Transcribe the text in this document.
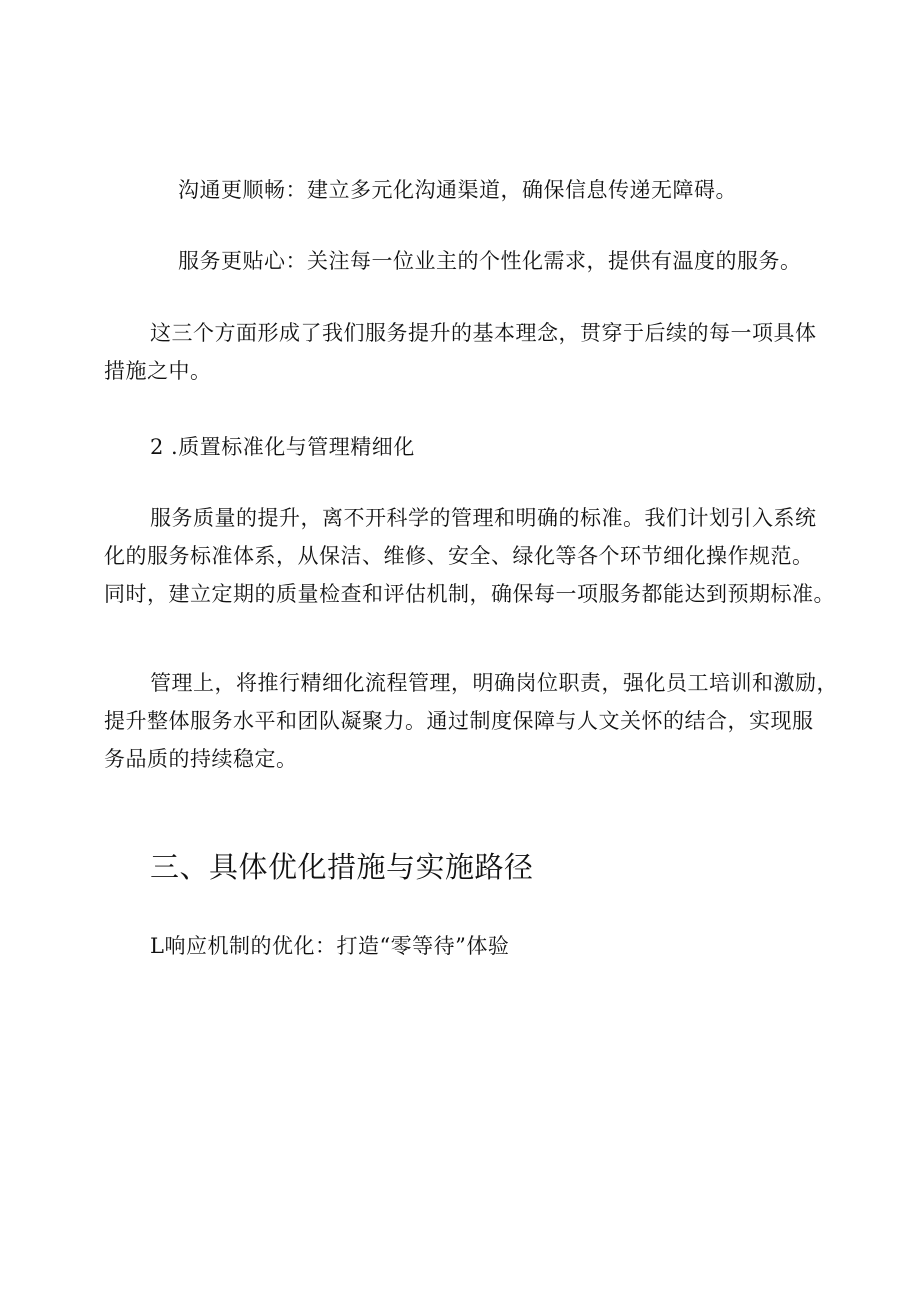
沟通更顺畅：建立多元化沟通渠道，确保信息传递无障碍。
服务更贴心：关注每一位业主的个性化需求，提供有温度的服务。
这三个方面形成了我们服务提升的基本理念，贯穿于后续的每一项具体
措施之中。
2 .质置标准化与管理精细化
服务质量的提升，离不开科学的管理和明确的标准。我们计划引入系统
化的服务标准体系，从保洁、维修、安全、绿化等各个环节细化操作规范。
同时，建立定期的质量检查和评估机制，确保每一项服务都能达到预期标准。
管理上，将推行精细化流程管理，明确岗位职责，强化员工培训和激励，
提升整体服务水平和团队凝聚力。通过制度保障与人文关怀的结合，实现服
务品质的持续稳定。
三、具体优化措施与实施路径
L响应机制的优化：打造“零等待”体验
